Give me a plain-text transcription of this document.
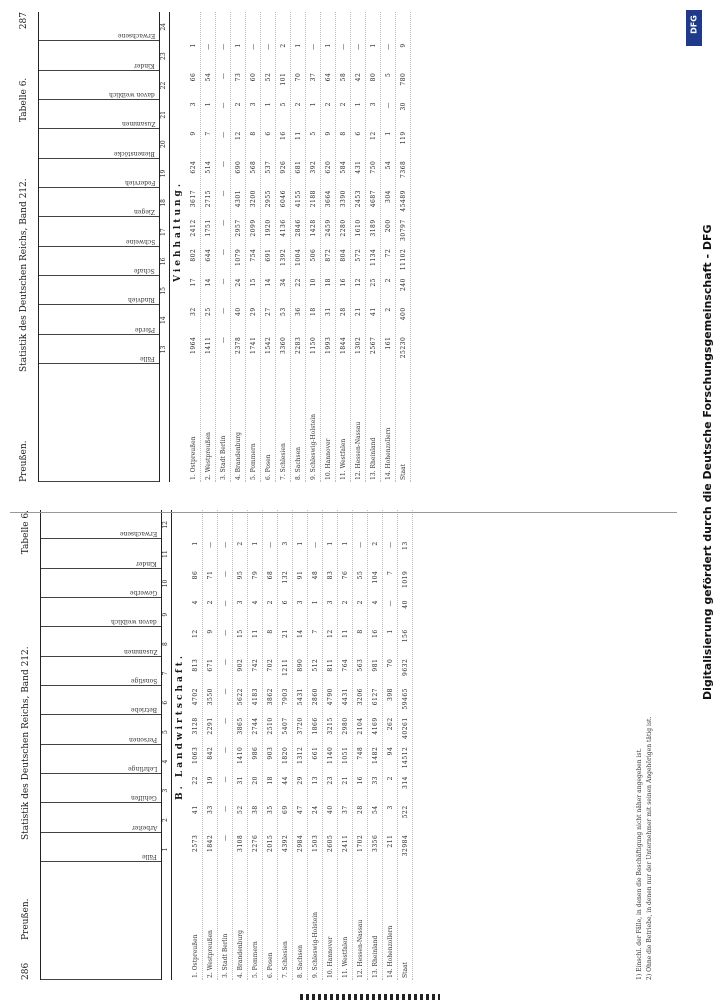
286
Preußen.
Statistik des Deutschen Reichs, Band 212.
Tabelle 6.
Fälle
Arbeiter
Gehilfen
Lehrlinge
Personen
Betriebe
Sonstige
Zusammen
davon weiblich
Gewerbe
Kinder
Erwachsene
1
2
3
4
5
6
7
8
9
10
11
12
B. Landwirtschaft.
1. Ostpreußen
2573
41
22
1063
3128
4702
813
12
4
86
1
2. Westpreußen
1842
33
19
842
2291
3550
671
9
2
71
—
3. Stadt Berlin
—
—
—
—
—
—
—
—
—
—
—
4. Brandenburg
3108
52
31
1410
3865
5622
902
15
3
95
2
5. Pommern
2276
38
20
986
2744
4183
742
11
4
79
1
6. Posen
2015
35
18
903
2510
3862
702
8
2
68
—
7. Schlesien
4392
69
44
1820
5407
7903
1211
21
6
132
3
8. Sachsen
2984
47
29
1312
3720
5431
890
14
3
91
1
9. Schleswig-Holstein
1503
24
13
661
1866
2860
512
7
1
48
—
10. Hannover
2605
40
23
1140
3215
4790
811
12
3
83
1
11. Westfalen
2411
37
21
1051
2980
4431
764
11
2
76
1
12. Hessen-Nassau
1702
28
16
748
2104
3206
563
8
2
55
—
13. Rheinland
3356
54
33
1482
4169
6127
981
16
4
104
2
14. Hohenzollern
211
3
2
94
262
398
70
1
—
7
—
Staat
32984
522
314
14512
40261
59465
9632
156
40
1019
13
Preußen.
Statistik des Deutschen Reichs, Band 212.
Tabelle 6.
287
Fälle
Pferde
Rindvieh
Schafe
Schweine
Ziegen
Federvieh
Bienenstöcke
Zusammen
davon weiblich
Kinder
Erwachsene
13
14
15
16
17
18
19
20
21
22
23
24
Viehhaltung.
1. Ostpreußen
1964
32
17
802
2412
3617
624
9
3
66
1
2. Westpreußen
1411
25
14
644
1751
2715
514
7
1
54
—
3. Stadt Berlin
—
—
—
—
—
—
—
—
—
—
—
4. Brandenburg
2378
40
24
1079
2957
4301
690
12
2
73
1
5. Pommern
1741
29
15
754
2099
3200
568
8
3
60
—
6. Posen
1542
27
14
691
1920
2955
537
6
1
52
—
7. Schlesien
3360
53
34
1392
4136
6046
926
16
5
101
2
8. Sachsen
2283
36
22
1004
2846
4155
681
11
2
70
1
9. Schleswig-Holstein
1150
18
10
506
1428
2188
392
5
1
37
—
10. Hannover
1993
31
18
872
2459
3664
620
9
2
64
1
11. Westfalen
1844
28
16
804
2280
3390
584
8
2
58
—
12. Hessen-Nassau
1302
21
12
572
1610
2453
431
6
1
42
—
13. Rheinland
2567
41
25
1134
3189
4687
750
12
3
80
1
14. Hohenzollern
161
2
2
72
200
304
54
1
—
5
—
Staat
25230
400
240
11102
30797
45489
7368
119
30
780
9
1) Einschl. der Fälle, in denen die Beschäftigung nicht näher angegeben ist. 2) Ohne die Betriebe, in denen nur der Unternehmer mit seinen Angehörigen tätig ist.
DFG
Digitalisierung gefördert durch die Deutsche Forschungsgemeinschaft - DFG
